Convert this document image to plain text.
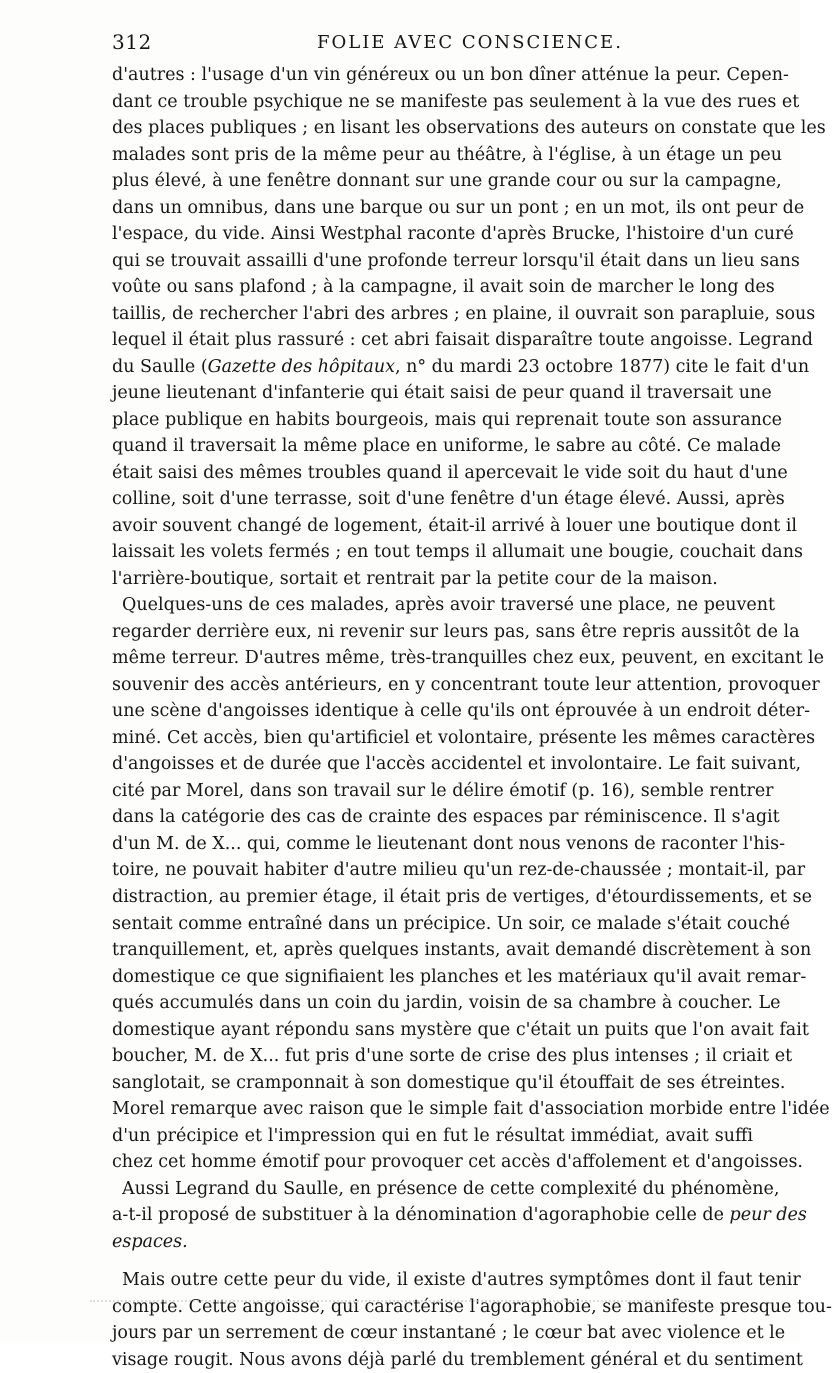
312	FOLIE AVEC CONSCIENCE.
d'autres : l'usage d'un vin généreux ou un bon dîner atténue la peur. Cepen-
dant ce trouble psychique ne se manifeste pas seulement à la vue des rues et
des places publiques ; en lisant les observations des auteurs on constate que les
malades sont pris de la même peur au théâtre, à l'église, à un étage un peu
plus élevé, à une fenêtre donnant sur une grande cour ou sur la campagne,
dans un omnibus, dans une barque ou sur un pont ; en un mot, ils ont peur de
l'espace, du vide. Ainsi Westphal raconte d'après Brucke, l'histoire d'un curé
qui se trouvait assailli d'une profonde terreur lorsqu'il était dans un lieu sans
voûte ou sans plafond ; à la campagne, il avait soin de marcher le long des
taillis, de rechercher l'abri des arbres ; en plaine, il ouvrait son parapluie, sous
lequel il était plus rassuré : cet abri faisait disparaître toute angoisse. Legrand
du Saulle (Gazette des hôpitaux, n° du mardi 23 octobre 1877) cite le fait d'un
jeune lieutenant d'infanterie qui était saisi de peur quand il traversait une
place publique en habits bourgeois, mais qui reprenait toute son assurance
quand il traversait la même place en uniforme, le sabre au côté. Ce malade
était saisi des mêmes troubles quand il apercevait le vide soit du haut d'une
colline, soit d'une terrasse, soit d'une fenêtre d'un étage élevé. Aussi, après
avoir souvent changé de logement, était-il arrivé à louer une boutique dont il
laissait les volets fermés ; en tout temps il allumait une bougie, couchait dans
l'arrière-boutique, sortait et rentrait par la petite cour de la maison.
Quelques-uns de ces malades, après avoir traversé une place, ne peuvent
regarder derrière eux, ni revenir sur leurs pas, sans être repris aussitôt de la
même terreur. D'autres même, très-tranquilles chez eux, peuvent, en excitant le
souvenir des accès antérieurs, en y concentrant toute leur attention, provoquer
une scène d'angoisses identique à celle qu'ils ont éprouvée à un endroit déter-
miné. Cet accès, bien qu'artificiel et volontaire, présente les mêmes caractères
d'angoisses et de durée que l'accès accidentel et involontaire. Le fait suivant,
cité par Morel, dans son travail sur le délire émotif (p. 16), semble rentrer
dans la catégorie des cas de crainte des espaces par réminiscence. Il s'agit
d'un M. de X... qui, comme le lieutenant dont nous venons de raconter l'his-
toire, ne pouvait habiter d'autre milieu qu'un rez-de-chaussée ; montait-il, par
distraction, au premier étage, il était pris de vertiges, d'étourdissements, et se
sentait comme entraîné dans un précipice. Un soir, ce malade s'était couché
tranquillement, et, après quelques instants, avait demandé discrètement à son
domestique ce que signifiaient les planches et les matériaux qu'il avait remar-
qués accumulés dans un coin du jardin, voisin de sa chambre à coucher. Le
domestique ayant répondu sans mystère que c'était un puits que l'on avait fait
boucher, M. de X... fut pris d'une sorte de crise des plus intenses ; il criait et
sanglotait, se cramponnait à son domestique qu'il étouffait de ses étreintes.
Morel remarque avec raison que le simple fait d'association morbide entre l'idée
d'un précipice et l'impression qui en fut le résultat immédiat, avait suffi
chez cet homme émotif pour provoquer cet accès d'affolement et d'angoisses.
Aussi Legrand du Saulle, en présence de cette complexité du phénomène,
a-t-il proposé de substituer à la dénomination d'agoraphobie celle de peur des
espaces.
Mais outre cette peur du vide, il existe d'autres symptômes dont il faut tenir
compte. Cette angoisse, qui caractérise l'agoraphobie, se manifeste presque tou-
jours par un serrement de cœur instantané ; le cœur bat avec violence et le
visage rougit. Nous avons déjà parlé du tremblement général et du sentiment
